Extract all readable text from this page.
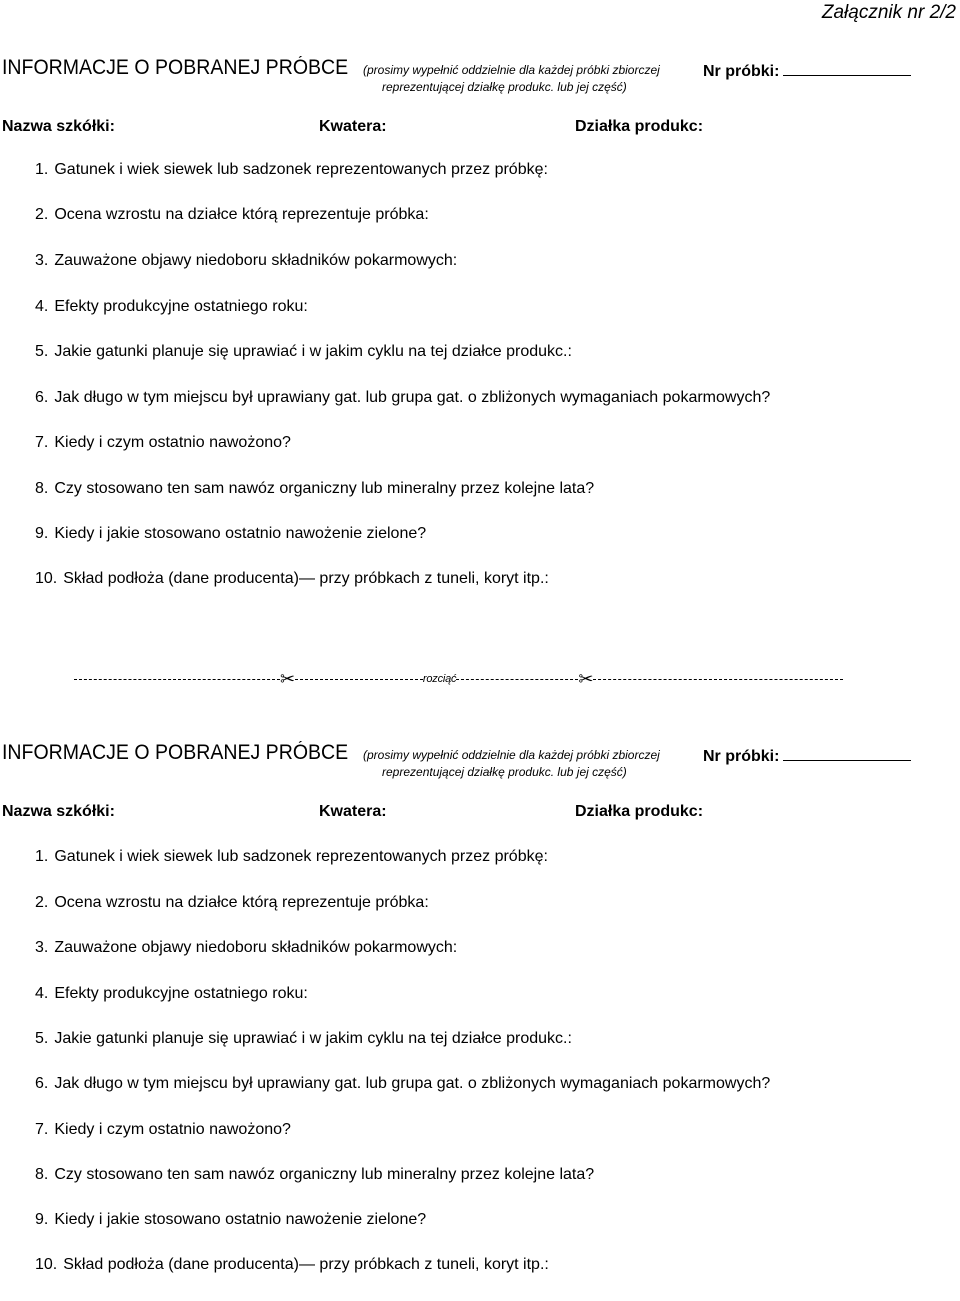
Załącznik nr 2/2
INFORMACJE O POBRANEJ PRÓBCE (prosimy wypełnić oddzielnie dla każdej próbki zbiorczej
reprezentującej działkę produkc. lub jej część)
Nr próbki:
Nazwa szkółki:	Kwatera:	Działka produkc:
1. Gatunek i wiek siewek lub sadzonek reprezentowanych przez próbkę:
2. Ocena wzrostu na działce którą reprezentuje próbka:
3. Zauważone objawy niedoboru składników pokarmowych:
4. Efekty produkcyjne ostatniego roku:
5. Jakie gatunki planuje się uprawiać i w jakim cyklu na tej działce produkc.:
6. Jak długo w tym miejscu był uprawiany gat. lub grupa gat. o zbliżonych wymaganiach pokarmowych?
7. Kiedy i czym ostatnio nawożono?
8. Czy stosowano ten sam nawóz organiczny lub mineralny przez kolejne lata?
9. Kiedy i jakie stosowano ostatnio nawożenie zielone?
10. Skład podłoża (dane producenta)— przy próbkach z tuneli, koryt itp.:
✂	rozciąć	✂
INFORMACJE O POBRANEJ PRÓBCE (prosimy wypełnić oddzielnie dla każdej próbki zbiorczej
reprezentującej działkę produkc. lub jej część)
Nr próbki:
Nazwa szkółki:	Kwatera:	Działka produkc:
1. Gatunek i wiek siewek lub sadzonek reprezentowanych przez próbkę:
2. Ocena wzrostu na działce którą reprezentuje próbka:
3. Zauważone objawy niedoboru składników pokarmowych:
4. Efekty produkcyjne ostatniego roku:
5. Jakie gatunki planuje się uprawiać i w jakim cyklu na tej działce produkc.:
6. Jak długo w tym miejscu był uprawiany gat. lub grupa gat. o zbliżonych wymaganiach pokarmowych?
7. Kiedy i czym ostatnio nawożono?
8. Czy stosowano ten sam nawóz organiczny lub mineralny przez kolejne lata?
9. Kiedy i jakie stosowano ostatnio nawożenie zielone?
10. Skład podłoża (dane producenta)— przy próbkach z tuneli, koryt itp.:
